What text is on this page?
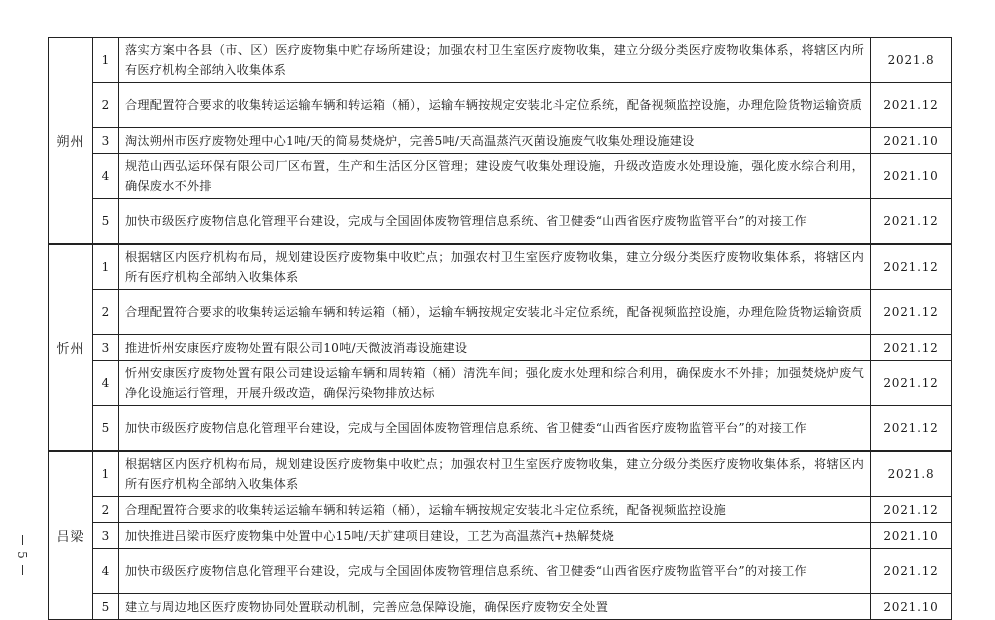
5
朔州	1	落实方案中各县（市、区）医疗废物集中贮存场所建设；加强农村卫生室医疗废物收集，建立分级分类医疗废物收集体系，将辖区内所有医疗机构全部纳入收集体系	2021.8
	2	合理配置符合要求的收集转运运输车辆和转运箱（桶），运输车辆按规定安装北斗定位系统，配备视频监控设施，办理危险货物运输资质	2021.12
	3	淘汰朔州市医疗废物处理中心1吨/天的简易焚烧炉，完善5吨/天高温蒸汽灭菌设施废气收集处理设施建设	2021.10
	4	规范山西弘运环保有限公司厂区布置，生产和生活区分区管理；建设废气收集处理设施，升级改造废水处理设施，强化废水综合利用，确保废水不外排	2021.10
	5	加快市级医疗废物信息化管理平台建设，完成与全国固体废物管理信息系统、省卫健委“山西省医疗废物监管平台”的对接工作	2021.12
忻州	1	根据辖区内医疗机构布局，规划建设医疗废物集中收贮点；加强农村卫生室医疗废物收集，建立分级分类医疗废物收集体系，将辖区内所有医疗机构全部纳入收集体系	2021.12
	2	合理配置符合要求的收集转运运输车辆和转运箱（桶），运输车辆按规定安装北斗定位系统，配备视频监控设施，办理危险货物运输资质	2021.12
	3	推进忻州安康医疗废物处置有限公司10吨/天微波消毒设施建设	2021.12
	4	忻州安康医疗废物处置有限公司建设运输车辆和周转箱（桶）清洗车间；强化废水处理和综合利用，确保废水不外排；加强焚烧炉废气净化设施运行管理，开展升级改造，确保污染物排放达标	2021.12
	5	加快市级医疗废物信息化管理平台建设，完成与全国固体废物管理信息系统、省卫健委“山西省医疗废物监管平台”的对接工作	2021.12
吕梁	1	根据辖区内医疗机构布局，规划建设医疗废物集中收贮点；加强农村卫生室医疗废物收集，建立分级分类医疗废物收集体系，将辖区内所有医疗机构全部纳入收集体系	2021.8
	2	合理配置符合要求的收集转运运输车辆和转运箱（桶），运输车辆按规定安装北斗定位系统，配备视频监控设施	2021.12
	3	加快推进吕梁市医疗废物集中处置中心15吨/天扩建项目建设，工艺为高温蒸汽+热解焚烧	2021.10
	4	加快市级医疗废物信息化管理平台建设，完成与全国固体废物管理信息系统、省卫健委“山西省医疗废物监管平台”的对接工作	2021.12
	5	建立与周边地区医疗废物协同处置联动机制，完善应急保障设施，确保医疗废物安全处置	2021.10
